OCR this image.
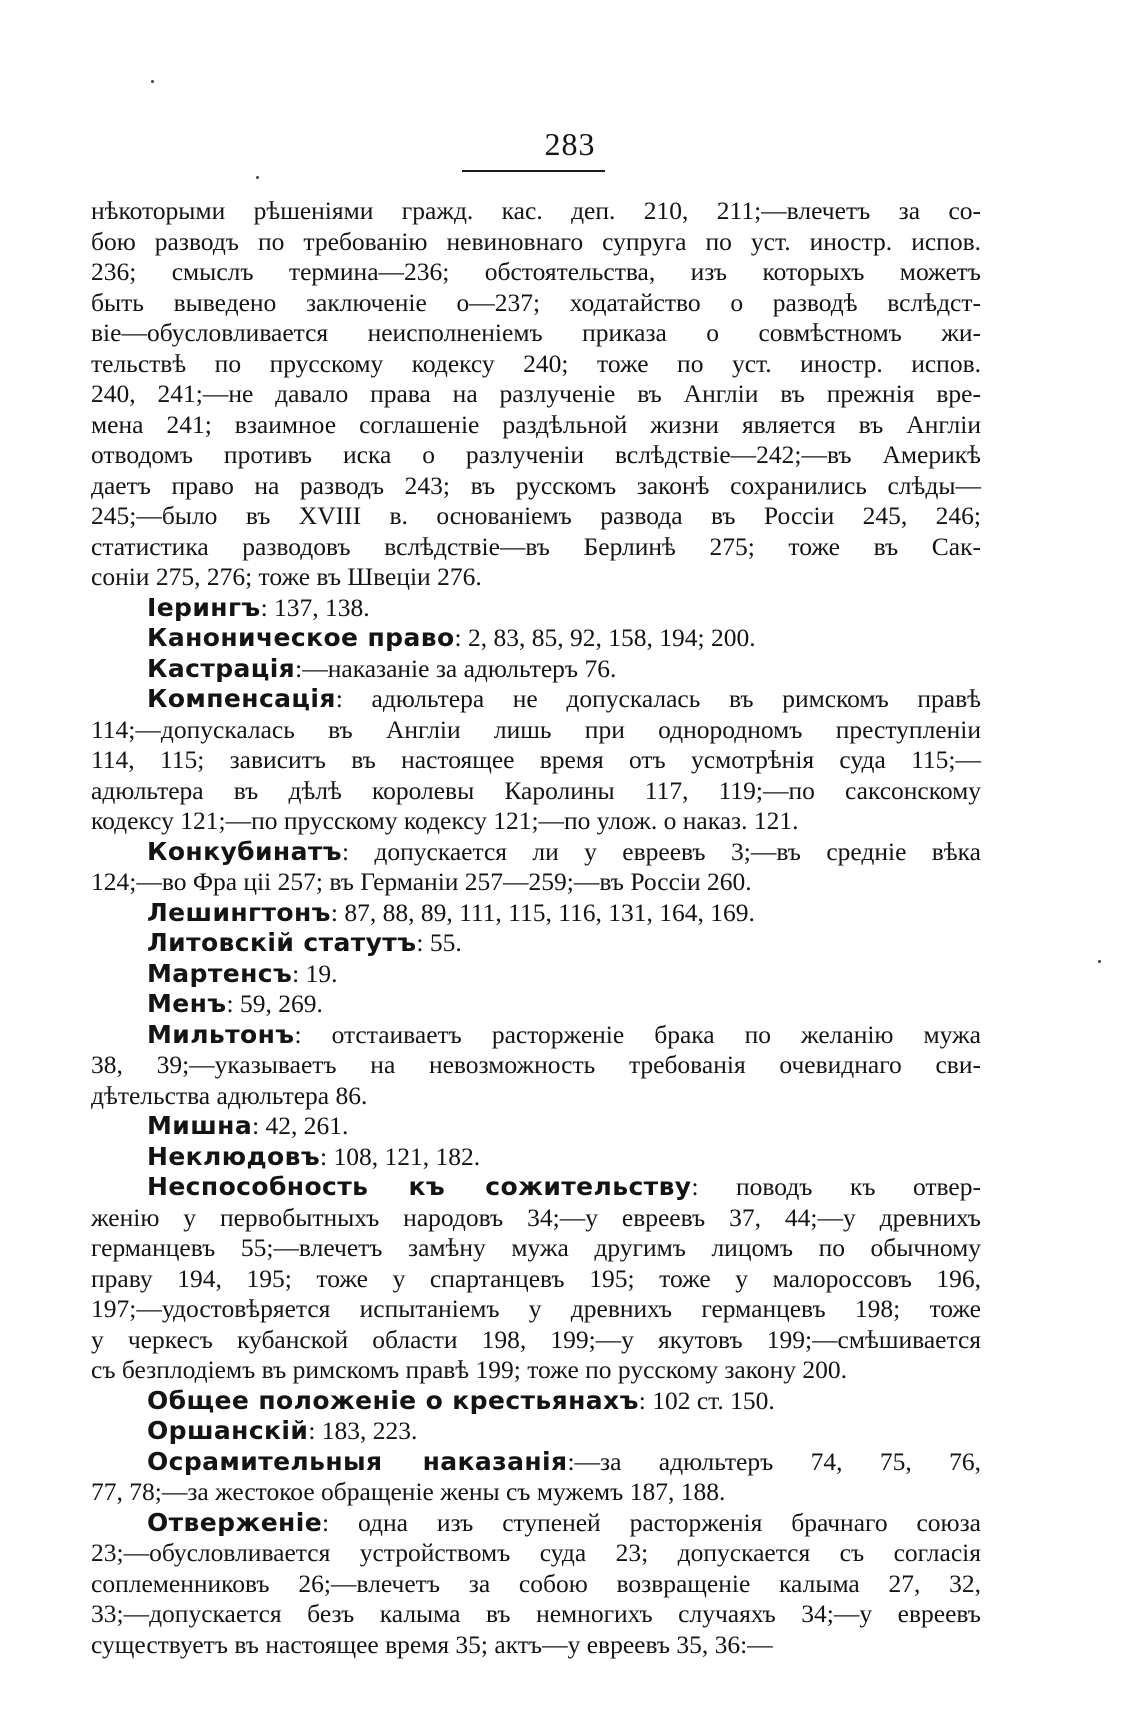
283
нѣкоторыми рѣшеніями гражд. кас. деп. 210, 211;—влечетъ за со-
бою разводъ по требованію невиновнаго супруга по уст. иностр. испов.
236; смыслъ термина—236; обстоятельства, изъ которыхъ можетъ
быть выведено заключеніе о—237; ходатайство о разводѣ вслѣдст-
віе—обусловливается неисполненіемъ приказа о совмѣстномъ жи-
тельствѣ по прусскому кодексу 240; тоже по уст. иностр. испов.
240, 241;—не давало права на разлученіе въ Англіи въ прежнія вре-
мена 241; взаимное соглашеніе раздѣльной жизни является въ Англіи
отводомъ противъ иска о разлученіи вслѣдствіе—242;—въ Америкѣ
даетъ право на разводъ 243; въ русскомъ законѣ сохранились слѣды—
245;—было въ XVIII в. основаніемъ развода въ Россіи 245, 246;
статистика разводовъ вслѣдствіе—въ Берлинѣ 275; тоже въ Сак-
соніи 275, 276; тоже въ Швеціи 276.
Іерингъ: 137, 138.
Каноническое право: 2, 83, 85, 92, 158, 194; 200.
Кастрація:—наказаніе за адюльтеръ 76.
Компенсація: адюльтера не допускалась въ римскомъ правѣ
114;—допускалась въ Англіи лишь при однородномъ преступленіи
114, 115; зависитъ въ настоящее время отъ усмотрѣнія суда 115;—
адюльтера въ дѣлѣ королевы Каролины 117, 119;—по саксонскому
кодексу 121;—по прусскому кодексу 121;—по улож. о наказ. 121.
Конкубинатъ: допускается ли у евреевъ 3;—въ средніе вѣка
124;—во Фра ціі 257; въ Германіи 257—259;—въ Россіи 260.
Лешингтонъ: 87, 88, 89, 111, 115, 116, 131, 164, 169.
Литовскій статутъ: 55.
Мартенсъ: 19.
Менъ: 59, 269.
Мильтонъ: отстаиваетъ расторженіе брака по желанію мужа
38, 39;—указываетъ на невозможность требованія очевиднаго сви-
дѣтельства адюльтера 86.
Мишна: 42, 261.
Неклюдовъ: 108, 121, 182.
Неспособность къ сожительству: поводъ къ отвер-
женію у первобытныхъ народовъ 34;—у евреевъ 37, 44;—у древнихъ
германцевъ 55;—влечетъ замѣну мужа другимъ лицомъ по обычному
праву 194, 195; тоже у спартанцевъ 195; тоже у малороссовъ 196,
197;—удостовѣряется испытаніемъ у древнихъ германцевъ 198; тоже
у черкесъ кубанской области 198, 199;—у якутовъ 199;—смѣшивается
съ безплодіемъ въ римскомъ правѣ 199; тоже по русскому закону 200.
Общее положеніе о крестьянахъ: 102 ст. 150.
Оршанскій: 183, 223.
Осрамительныя наказанія:—за адюльтеръ 74, 75, 76,
77, 78;—за жестокое обращеніе жены съ мужемъ 187, 188.
Отверженіе: одна изъ ступеней расторженія брачнаго союза
23;—обусловливается устройствомъ суда 23; допускается съ согласія
соплеменниковъ 26;—влечетъ за собою возвращеніе калыма 27, 32,
33;—допускается безъ калыма въ немногихъ случаяхъ 34;—у евреевъ
существуетъ въ настоящее время 35; актъ—у евреевъ 35, 36:—
